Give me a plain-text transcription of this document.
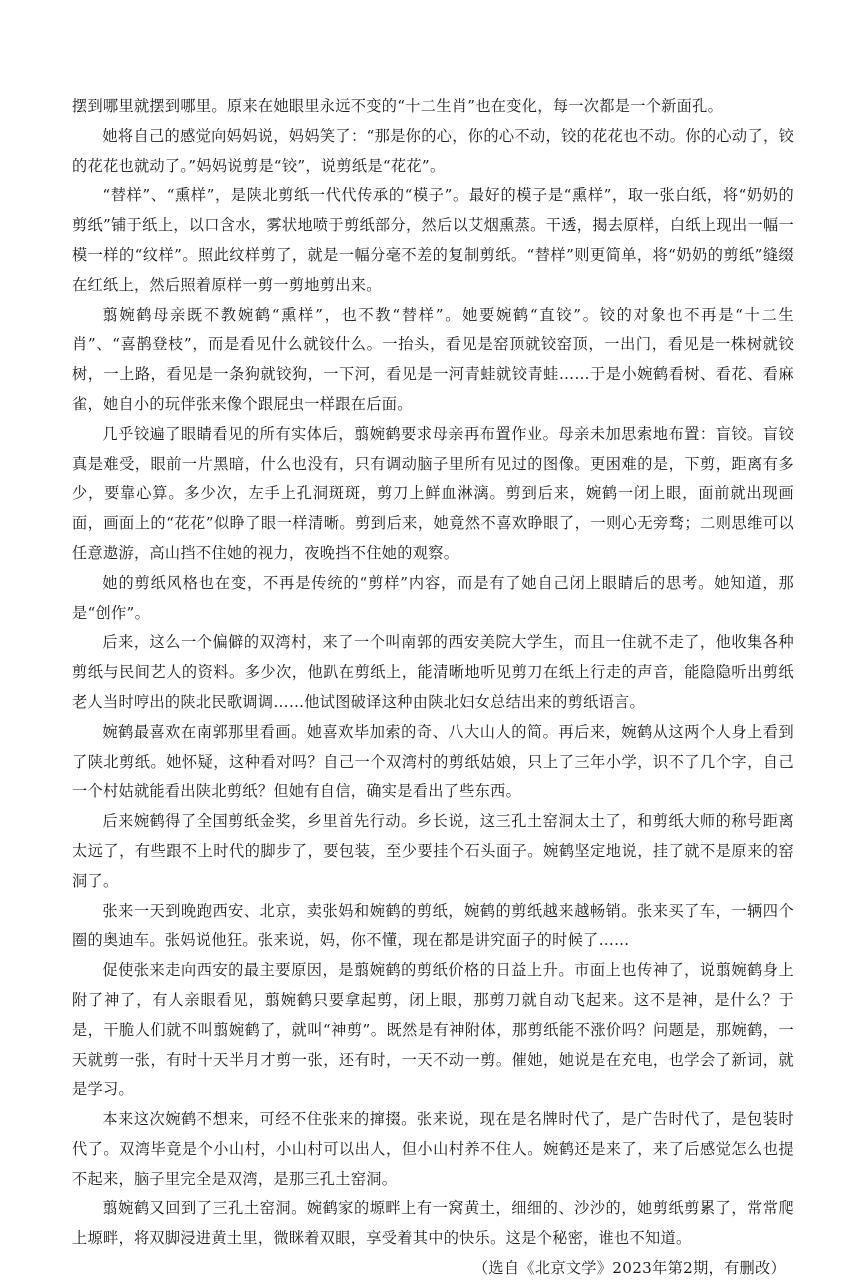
摆到哪里就摆到哪里。原来在她眼里永远不变的“十二生肖”也在变化，每一次都是一个新面孔。

她将自己的感觉向妈妈说，妈妈笑了：“那是你的心，你的心不动，铰的花花也不动。你的心动了，铰的花花也就动了。”妈妈说剪是“铰”，说剪纸是“花花”。

“替样”、“熏样”，是陕北剪纸一代代传承的“模子”。最好的模子是“熏样”，取一张白纸，将“奶奶的剪纸”铺于纸上，以口含水，雾状地喷于剪纸部分，然后以艾烟熏蒸。干透，揭去原样，白纸上现出一幅一模一样的“纹样”。照此纹样剪了，就是一幅分毫不差的复制剪纸。“替样”则更简单，将“奶奶的剪纸”缝缀在红纸上，然后照着原样一剪一剪地剪出来。

翦婉鹤母亲既不教婉鹤“熏样”，也不教“替样”。她要婉鹤“直铰”。铰的对象也不再是“十二生肖”、“喜鹊登枝”，而是看见什么就铰什么。一抬头，看见是窑顶就铰窑顶，一出门，看见是一株树就铰树，一上路，看见是一条狗就铰狗，一下河，看见是一河青蛙就铰青蛙……于是小婉鹤看树、看花、看麻雀，她自小的玩伴张来像个跟屁虫一样跟在后面。

几乎铰遍了眼睛看见的所有实体后，翦婉鹤要求母亲再布置作业。母亲未加思索地布置：盲铰。盲铰真是难受，眼前一片黑暗，什么也没有，只有调动脑子里所有见过的图像。更困难的是，下剪，距离有多少，要靠心算。多少次，左手上孔洞斑斑，剪刀上鲜血淋漓。剪到后来，婉鹤一闭上眼，面前就出现画面，画面上的“花花”似睁了眼一样清晰。剪到后来，她竟然不喜欢睁眼了，一则心无旁骛；二则思维可以任意遨游，高山挡不住她的视力，夜晚挡不住她的观察。

她的剪纸风格也在变，不再是传统的“剪样”内容，而是有了她自己闭上眼睛后的思考。她知道，那是“创作”。

后来，这么一个偏僻的双湾村，来了一个叫南郭的西安美院大学生，而且一住就不走了，他收集各种剪纸与民间艺人的资料。多少次，他趴在剪纸上，能清晰地听见剪刀在纸上行走的声音，能隐隐听出剪纸老人当时哼出的陕北民歌调调……他试图破译这种由陕北妇女总结出来的剪纸语言。

婉鹤最喜欢在南郭那里看画。她喜欢毕加索的奇、八大山人的简。再后来，婉鹤从这两个人身上看到了陕北剪纸。她怀疑，这种看对吗？自己一个双湾村的剪纸姑娘，只上了三年小学，识不了几个字，自己一个村姑就能看出陕北剪纸？但她有自信，确实是看出了些东西。

后来婉鹤得了全国剪纸金奖，乡里首先行动。乡长说，这三孔土窑洞太土了，和剪纸大师的称号距离太远了，有些跟不上时代的脚步了，要包装，至少要挂个石头面子。婉鹤坚定地说，挂了就不是原来的窑洞了。

张来一天到晚跑西安、北京，卖张妈和婉鹤的剪纸，婉鹤的剪纸越来越畅销。张来买了车，一辆四个圈的奥迪车。张妈说他狂。张来说，妈，你不懂，现在都是讲究面子的时候了……

促使张来走向西安的最主要原因，是翦婉鹤的剪纸价格的日益上升。市面上也传神了，说翦婉鹤身上附了神了，有人亲眼看见，翦婉鹤只要拿起剪，闭上眼，那剪刀就自动飞起来。这不是神，是什么？于是，干脆人们就不叫翦婉鹤了，就叫“神剪”。既然是有神附体，那剪纸能不涨价吗？问题是，那婉鹤，一天就剪一张，有时十天半月才剪一张，还有时，一天不动一剪。催她，她说是在充电，也学会了新词，就是学习。

本来这次婉鹤不想来，可经不住张来的撺掇。张来说，现在是名牌时代了，是广告时代了，是包装时代了。双湾毕竟是个小山村，小山村可以出人，但小山村养不住人。婉鹤还是来了，来了后感觉怎么也提不起来，脑子里完全是双湾，是那三孔土窑洞。

翦婉鹤又回到了三孔土窑洞。婉鹤家的塬畔上有一窝黄土，细细的、沙沙的，她剪纸剪累了，常常爬上塬畔，将双脚浸进黄土里，微眯着双眼，享受着其中的快乐。这是个秘密，谁也不知道。

（选自《北京文学》2023年第2期，有删改）
